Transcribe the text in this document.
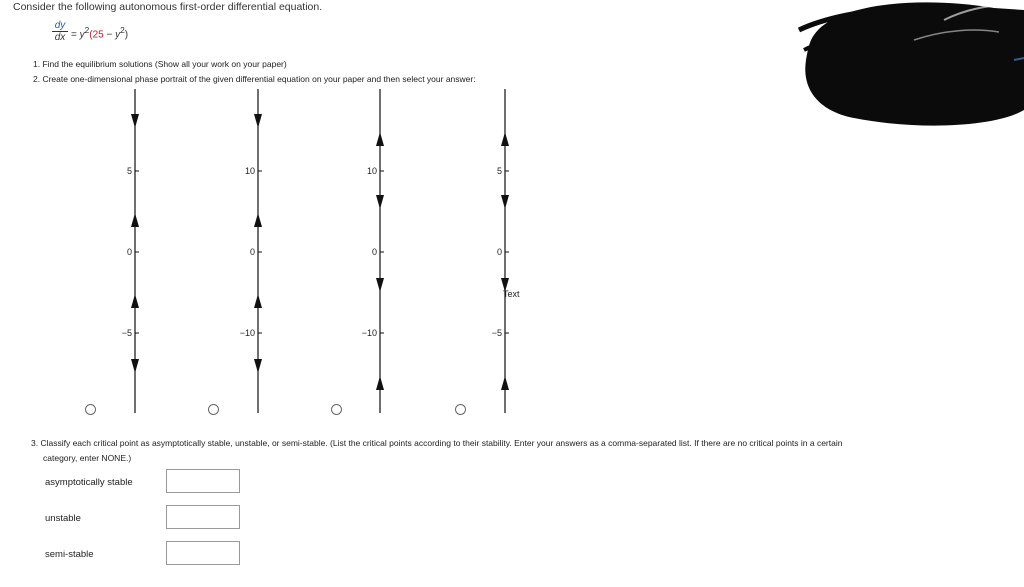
Consider the following autonomous first-order differential equation.
$\frac{dy}{dx} = y^2(25 - y^2)$
1. Find the equilibrium solutions (Show all your work on your paper)
2. Create one-dimensional phase portrait of the given differential equation on your paper and then select your answer:
5
0
−5
10
0
−10
10
0
−10
5
0
−5
Text
3. Classify each critical point as asymptotically stable, unstable, or semi-stable. (List the critical points according to their stability. Enter your answers as a comma-separated list. If there are no critical points in a certain
category, enter NONE.)
asymptotically stable
unstable
semi-stable
